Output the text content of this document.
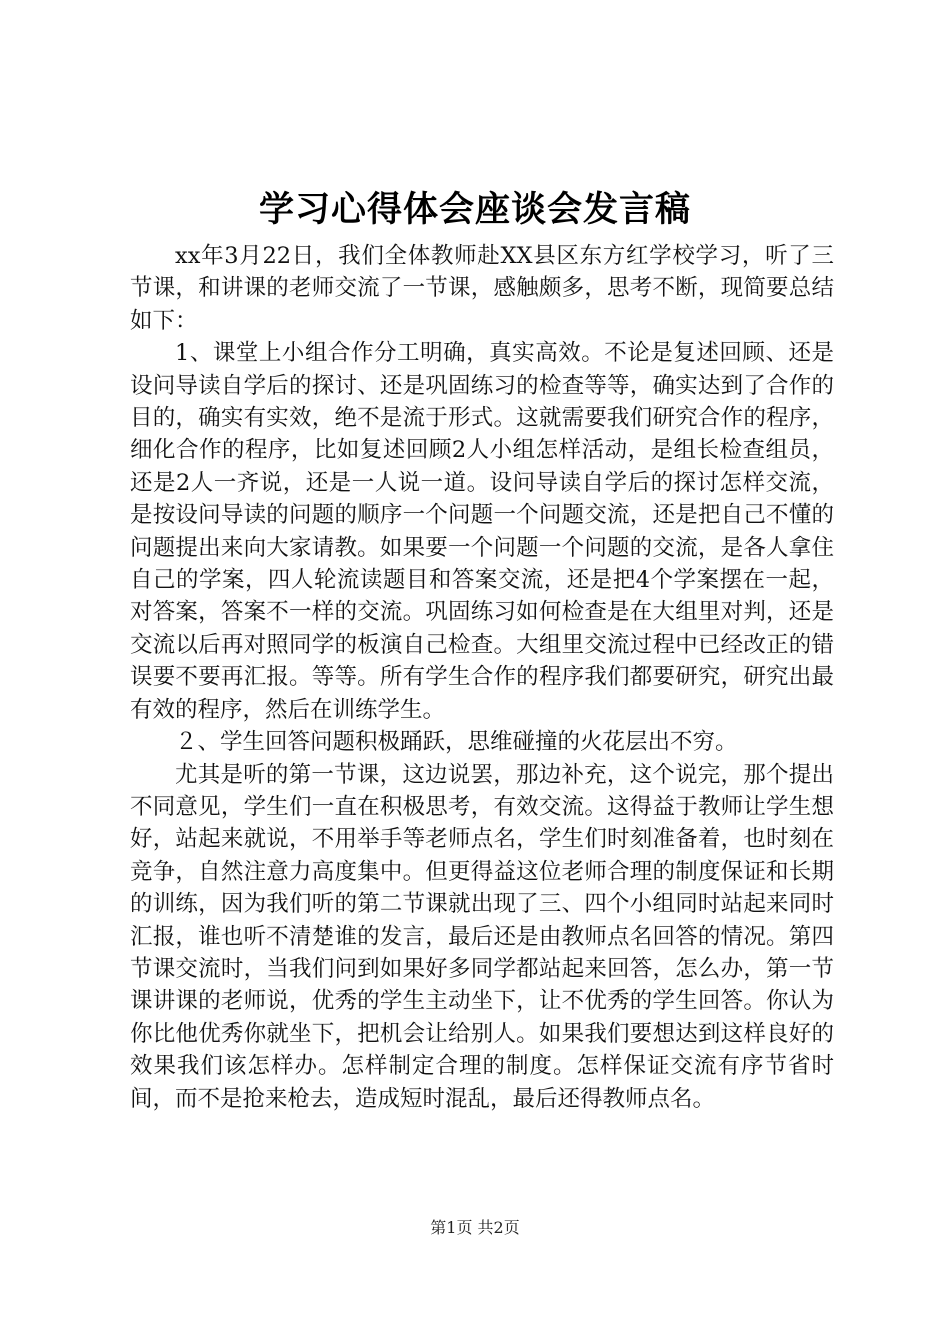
学习心得体会座谈会发言稿

xx年3月22日，我们全体教师赴XX县区东方红学校学习，听了三节课，和讲课的老师交流了一节课，感触颇多，思考不断，现简要总结如下：

1、课堂上小组合作分工明确，真实高效。不论是复述回顾、还是设问导读自学后的探讨、还是巩固练习的检查等等，确实达到了合作的目的，确实有实效，绝不是流于形式。这就需要我们研究合作的程序，细化合作的程序，比如复述回顾2人小组怎样活动，是组长检查组员，还是2人一齐说，还是一人说一道。设问导读自学后的探讨怎样交流，是按设问导读的问题的顺序一个问题一个问题交流，还是把自己不懂的问题提出来向大家请教。如果要一个问题一个问题的交流，是各人拿住自己的学案，四人轮流读题目和答案交流，还是把4个学案摆在一起，对答案，答案不一样的交流。巩固练习如何检查是在大组里对判，还是交流以后再对照同学的板演自己检查。大组里交流过程中已经改正的错误要不要再汇报。等等。所有学生合作的程序我们都要研究，研究出最有效的程序，然后在训练学生。

２、学生回答问题积极踊跃，思维碰撞的火花层出不穷。

尤其是听的第一节课，这边说罢，那边补充，这个说完，那个提出不同意见，学生们一直在积极思考，有效交流。这得益于教师让学生想好，站起来就说，不用举手等老师点名，学生们时刻准备着，也时刻在竞争，自然注意力高度集中。但更得益这位老师合理的制度保证和长期的训练，因为我们听的第二节课就出现了三、四个小组同时站起来同时汇报，谁也听不清楚谁的发言，最后还是由教师点名回答的情况。第四节课交流时，当我们问到如果好多同学都站起来回答，怎么办，第一节课讲课的老师说，优秀的学生主动坐下，让不优秀的学生回答。你认为你比他优秀你就坐下，把机会让给别人。如果我们要想达到这样良好的效果我们该怎样办。怎样制定合理的制度。怎样保证交流有序节省时间，而不是抢来枪去，造成短时混乱，最后还得教师点名。

第1页 共2页
